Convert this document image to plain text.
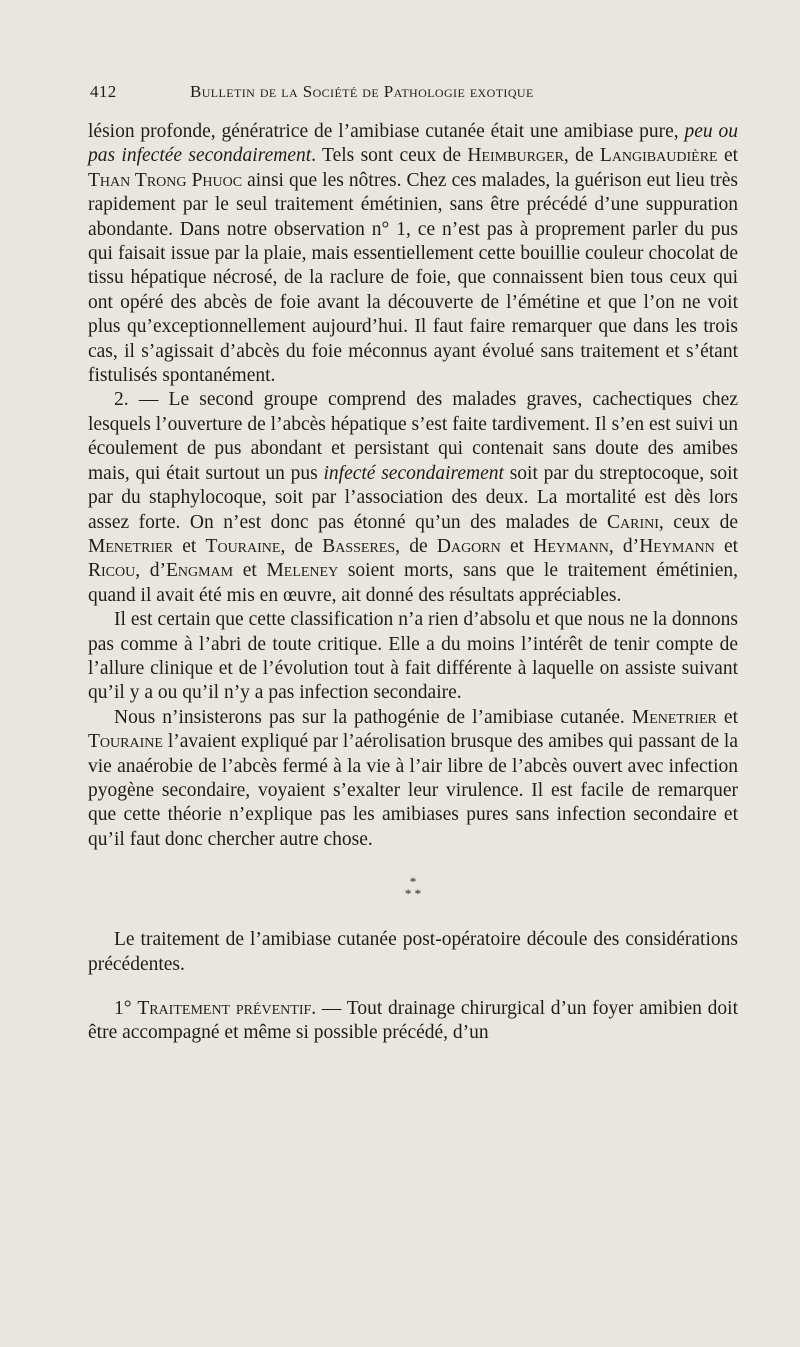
412	Bulletin de la Société de Pathologie exotique

lésion profonde, génératrice de l’amibiase cutanée était une amibiase pure, peu ou pas infectée secondairement. Tels sont ceux de Heimburger, de Langibaudière et Than Trong Phuoc ainsi que les nôtres. Chez ces malades, la guérison eut lieu très rapidement par le seul traitement émétinien, sans être précédé d’une suppuration abondante. Dans notre observation n° 1, ce n’est pas à proprement parler du pus qui faisait issue par la plaie, mais essentiellement cette bouillie couleur chocolat de tissu hépatique nécrosé, de la raclure de foie, que connaissent bien tous ceux qui ont opéré des abcès de foie avant la découverte de l’émétine et que l’on ne voit plus qu’exceptionnellement aujourd’hui. Il faut faire remarquer que dans les trois cas, il s’agissait d’abcès du foie méconnus ayant évolué sans traitement et s’étant fistulisés spontanément.

2. — Le second groupe comprend des malades graves, cachectiques chez lesquels l’ouverture de l’abcès hépatique s’est faite tardivement. Il s’en est suivi un écoulement de pus abondant et persistant qui contenait sans doute des amibes mais, qui était surtout un pus infecté secondairement soit par du streptocoque, soit par du staphylocoque, soit par l’association des deux. La mortalité est dès lors assez forte. On n’est donc pas étonné qu’un des malades de Carini, ceux de Menetrier et Touraine, de Basseres, de Dagorn et Heymann, d’Heymann et Ricou, d’Engmam et Meleney soient morts, sans que le traitement émétinien, quand il avait été mis en œuvre, ait donné des résultats appréciables.

Il est certain que cette classification n’a rien d’absolu et que nous ne la donnons pas comme à l’abri de toute critique. Elle a du moins l’intérêt de tenir compte de l’allure clinique et de l’évolution tout à fait différente à laquelle on assiste suivant qu’il y a ou qu’il n’y a pas infection secondaire.

Nous n’insisterons pas sur la pathogénie de l’amibiase cutanée. Menetrier et Touraine l’avaient expliqué par l’aérolisation brusque des amibes qui passant de la vie anaérobie de l’abcès fermé à la vie à l’air libre de l’abcès ouvert avec infection pyogène secondaire, voyaient s’exalter leur virulence. Il est facile de remarquer que cette théorie n’explique pas les amibiases pures sans infection secondaire et qu’il faut donc chercher autre chose.

*
* *

Le traitement de l’amibiase cutanée post-opératoire découle des considérations précédentes.

1° Traitement préventif. — Tout drainage chirurgical d’un foyer amibien doit être accompagné et même si possible précédé, d’un
